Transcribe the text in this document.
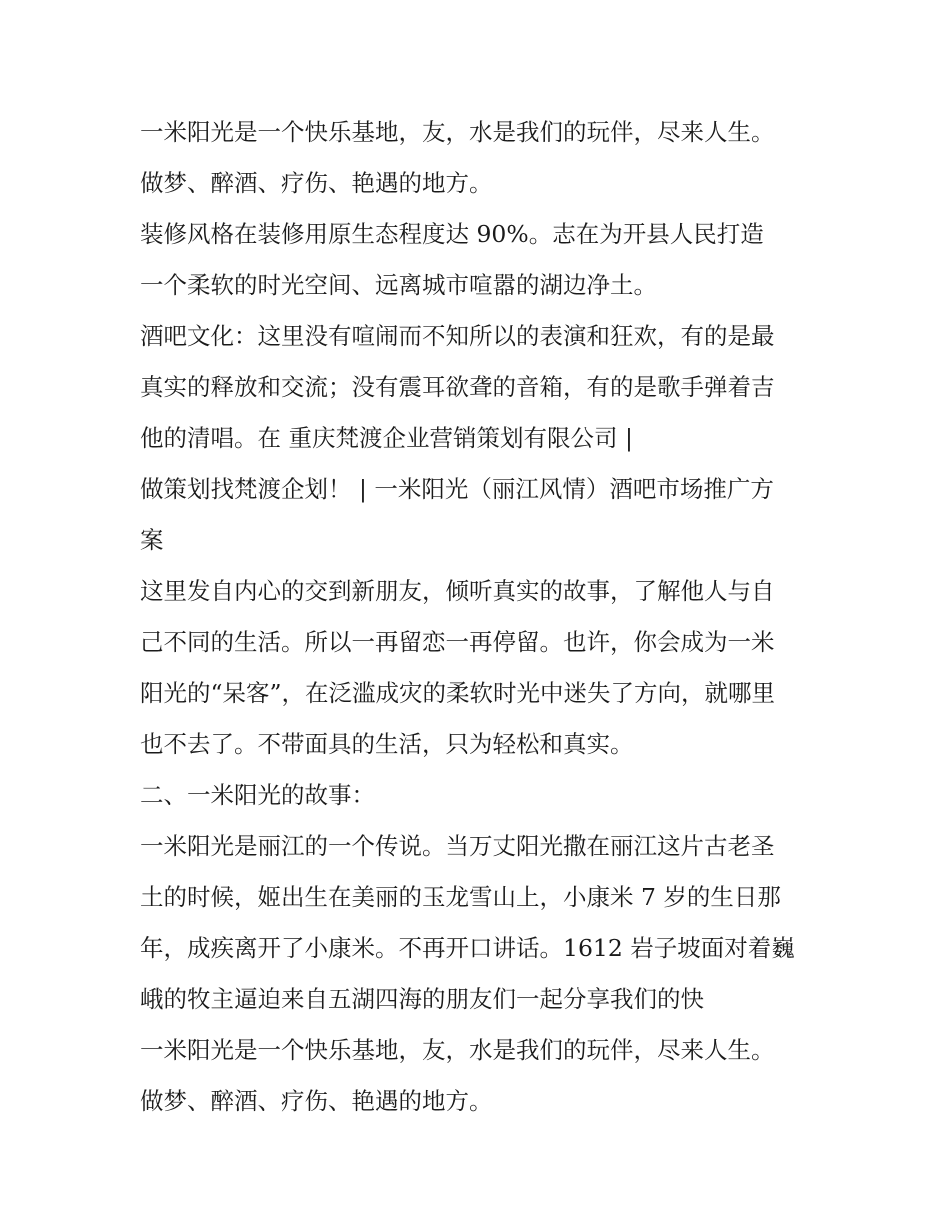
一米阳光是一个快乐基地，友，水是我们的玩伴，尽来人生。
做梦、醉酒、疗伤、艳遇的地方。
装修风格在装修用原生态程度达 90%。志在为开县人民打造
一个柔软的时光空间、远离城市喧嚣的湖边净土。
酒吧文化：这里没有喧闹而不知所以的表演和狂欢，有的是最
真实的释放和交流；没有震耳欲聋的音箱，有的是歌手弹着吉
他的清唱。在 重庆梵渡企业营销策划有限公司 |
做策划找梵渡企划！ | 一米阳光（丽江风情）酒吧市场推广方
案
这里发自内心的交到新朋友，倾听真实的故事，了解他人与自
己不同的生活。所以一再留恋一再停留。也许，你会成为一米
阳光的“呆客”，在泛滥成灾的柔软时光中迷失了方向，就哪里
也不去了。不带面具的生活，只为轻松和真实。
二、一米阳光的故事：
一米阳光是丽江的一个传说。当万丈阳光撒在丽江这片古老圣
土的时候，姬出生在美丽的玉龙雪山上，小康米 7 岁的生日那
年，成疾离开了小康米。不再开口讲话。1612 岩子坡面对着巍
峨的牧主逼迫来自五湖四海的朋友们一起分享我们的快
一米阳光是一个快乐基地，友，水是我们的玩伴，尽来人生。
做梦、醉酒、疗伤、艳遇的地方。
